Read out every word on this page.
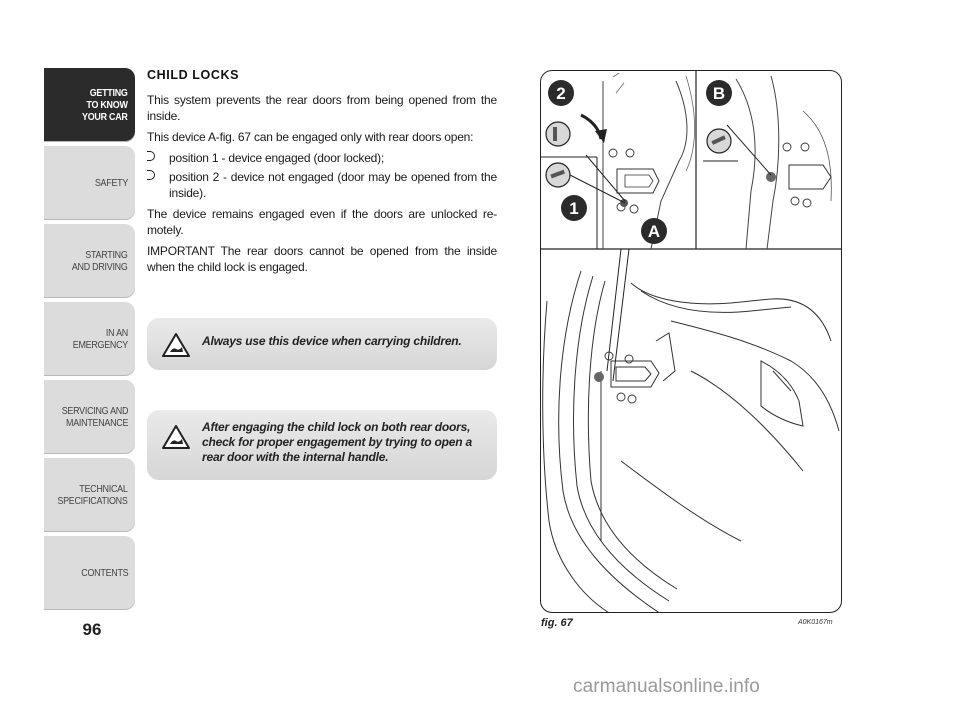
GETTING
TO KNOW
YOUR CAR
SAFETY
STARTING
AND DRIVING
IN AN
EMERGENCY
SERVICING AND
MAINTENANCE
TECHNICAL
SPECIFICATIONS
CONTENTS
96
CHILD LOCKS

This system prevents the rear doors from being opened from the inside.

This device A-fig. 67 can be engaged only with rear doors open:

position 1 - device engaged (door locked);
position 2 - device not engaged (door may be opened from the inside).

The device remains engaged even if the doors are unlocked re-motely.

IMPORTANT The rear doors cannot be opened from the inside when the child lock is engaged.

Always use this device when carrying children.
After engaging the child lock on both rear doors, check for proper engagement by trying to open a rear door with the internal handle.
2	B
1
A
fig. 67	A0K0167m
carmanualsonline.info
